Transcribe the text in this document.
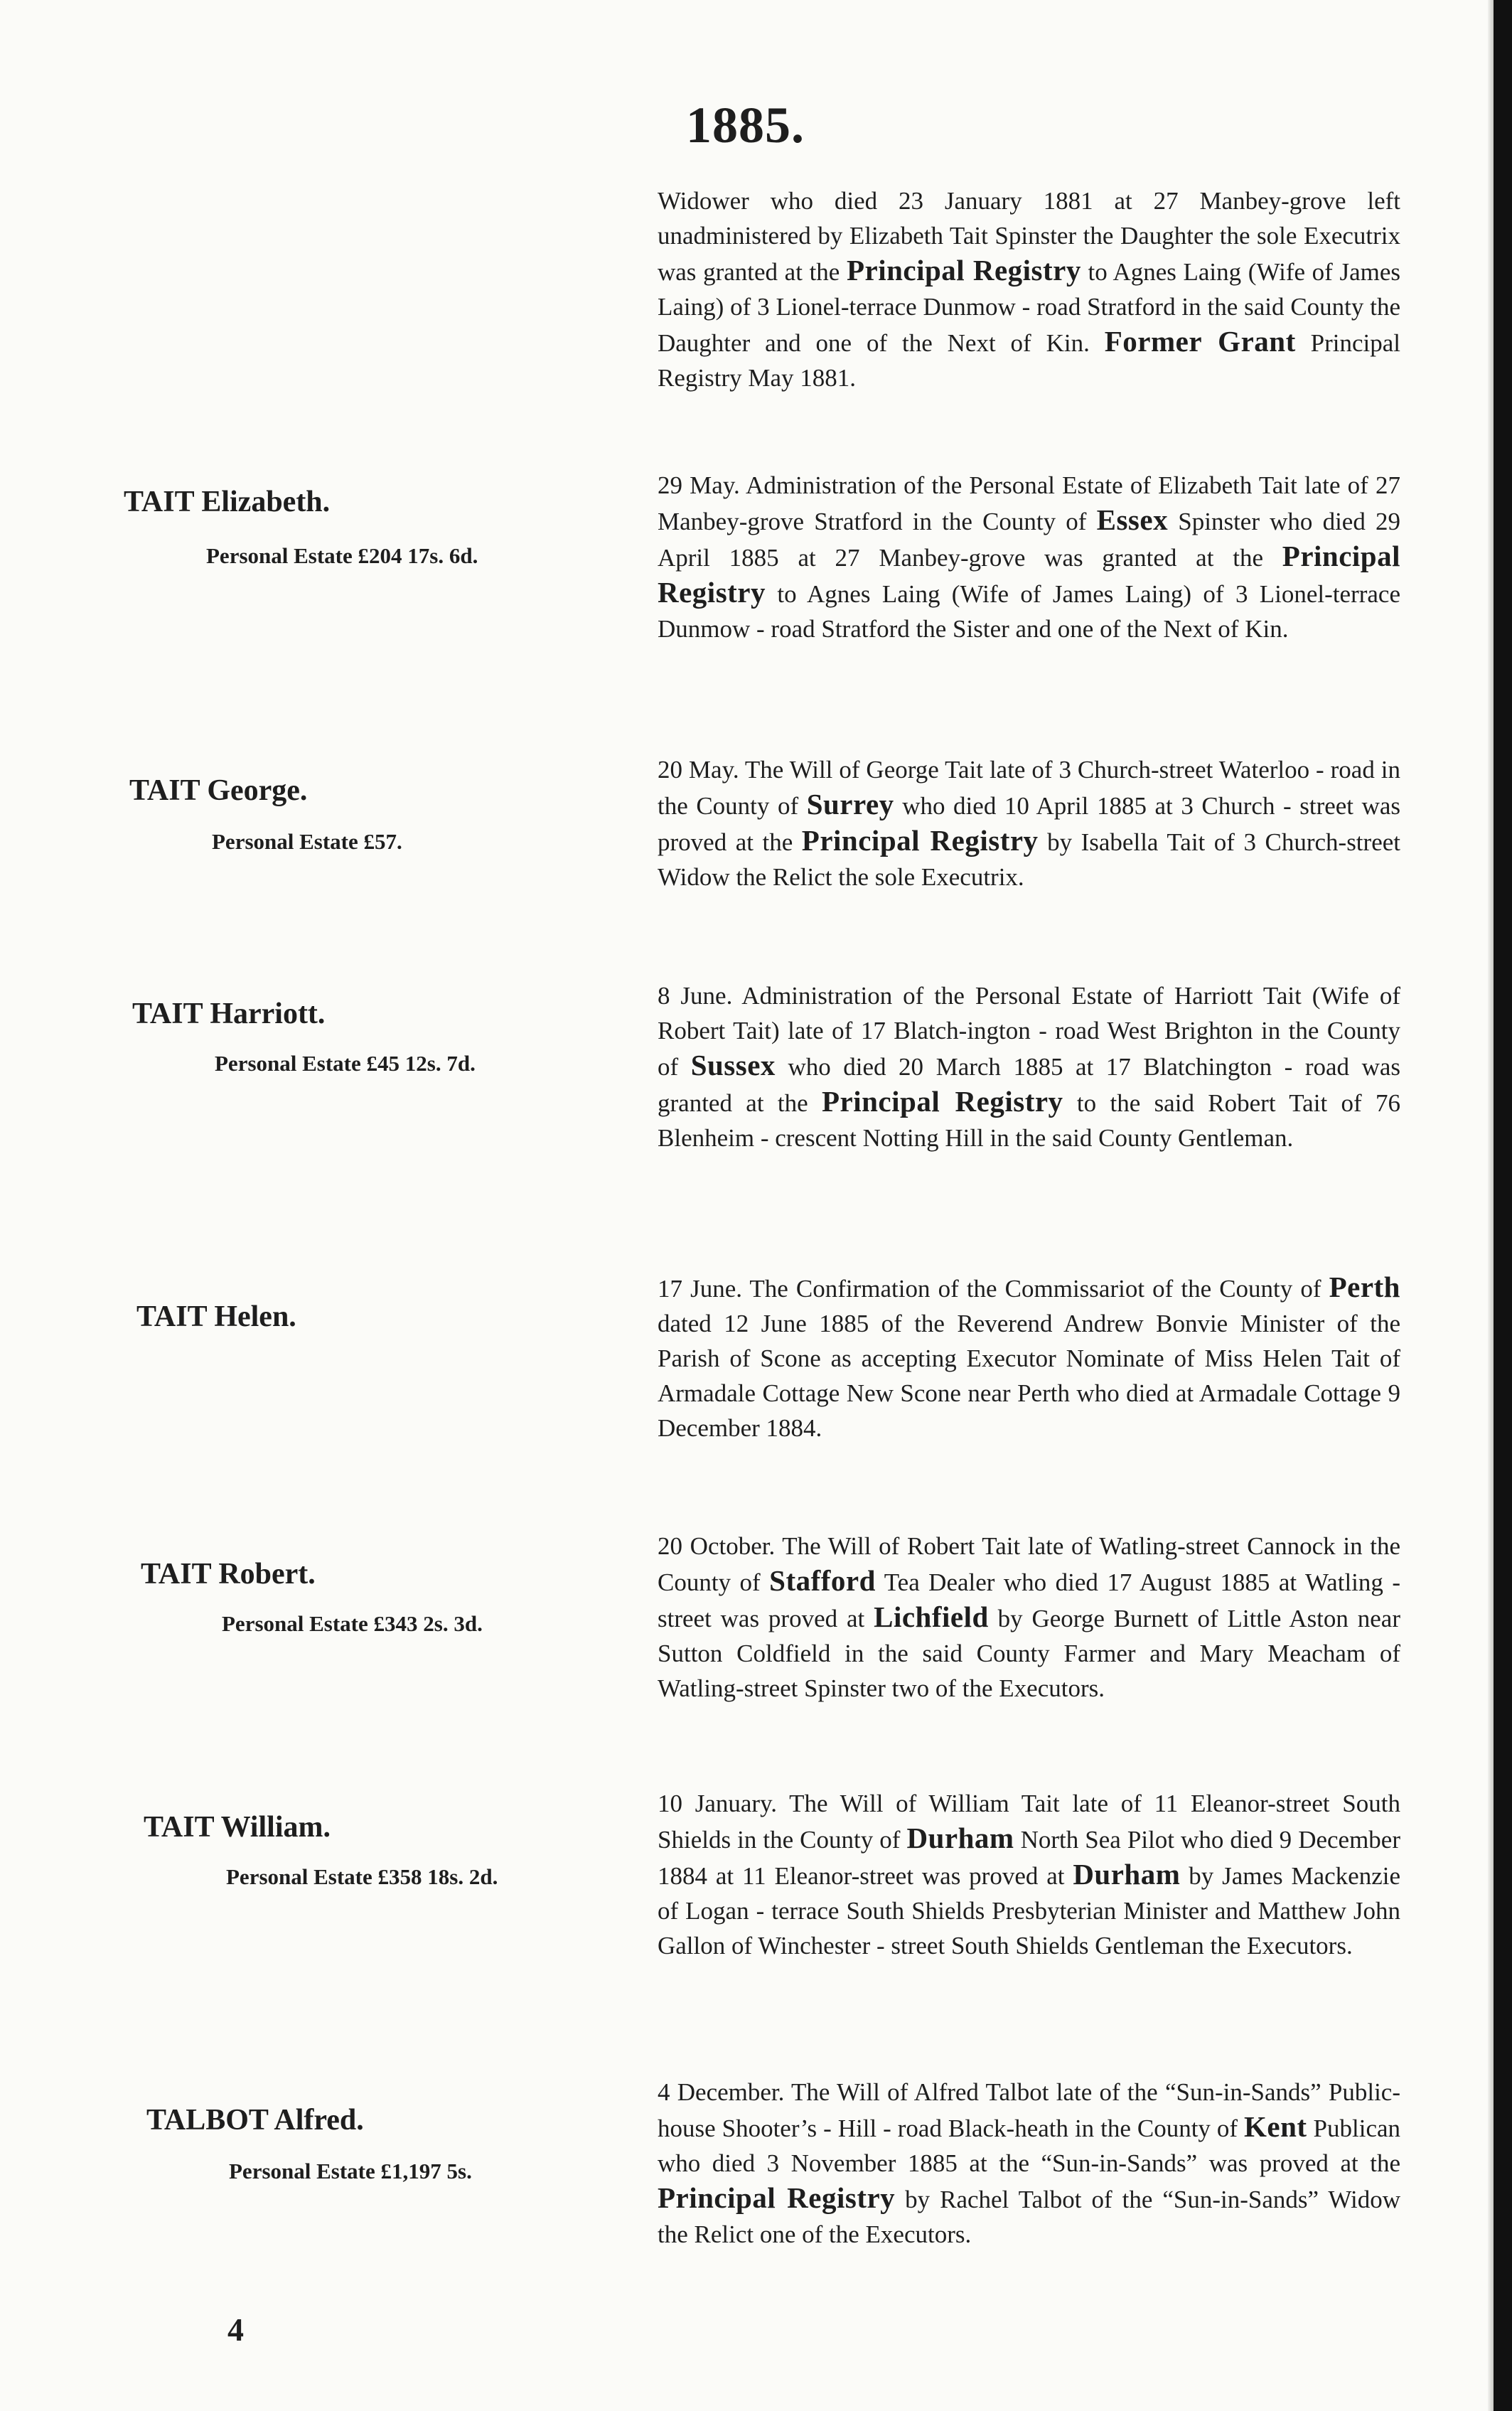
1885.
Widower who died 23 January 1881 at 27 Manbey-grove left unadministered by Elizabeth Tait Spinster the Daughter the sole Executrix was granted at the Principal Registry to Agnes Laing (Wife of James Laing) of 3 Lionel-terrace Dunmow - road Stratford in the said County the Daughter and one of the Next of Kin. Former Grant Principal Registry May 1881.
TAIT Elizabeth.
Personal Estate £204 17s. 6d.
29 May. Administration of the Personal Estate of Elizabeth Tait late of 27 Manbey-grove Stratford in the County of Essex Spinster who died 29 April 1885 at 27 Manbey-grove was granted at the Principal Registry to Agnes Laing (Wife of James Laing) of 3 Lionel-terrace Dunmow - road Stratford the Sister and one of the Next of Kin.
TAIT George.
Personal Estate £57.
20 May. The Will of George Tait late of 3 Church-street Waterloo - road in the County of Surrey who died 10 April 1885 at 3 Church - street was proved at the Principal Registry by Isabella Tait of 3 Church-street Widow the Relict the sole Executrix.
TAIT Harriott.
Personal Estate £45 12s. 7d.
8 June. Administration of the Personal Estate of Harriott Tait (Wife of Robert Tait) late of 17 Blatch-ington - road West Brighton in the County of Sussex who died 20 March 1885 at 17 Blatchington - road was granted at the Principal Registry to the said Robert Tait of 76 Blenheim - crescent Notting Hill in the said County Gentleman.
TAIT Helen.
17 June. The Confirmation of the Commissariot of the County of Perth dated 12 June 1885 of the Reverend Andrew Bonvie Minister of the Parish of Scone as accepting Executor Nominate of Miss Helen Tait of Armadale Cottage New Scone near Perth who died at Armadale Cottage 9 December 1884.
TAIT Robert.
Personal Estate £343 2s. 3d.
20 October. The Will of Robert Tait late of Watling-street Cannock in the County of Stafford Tea Dealer who died 17 August 1885 at Watling - street was proved at Lichfield by George Burnett of Little Aston near Sutton Coldfield in the said County Farmer and Mary Meacham of Watling-street Spinster two of the Executors.
TAIT William.
Personal Estate £358 18s. 2d.
10 January. The Will of William Tait late of 11 Eleanor-street South Shields in the County of Durham North Sea Pilot who died 9 December 1884 at 11 Eleanor-street was proved at Durham by James Mackenzie of Logan - terrace South Shields Presbyterian Minister and Matthew John Gallon of Winchester - street South Shields Gentleman the Executors.
TALBOT Alfred.
Personal Estate £1,197 5s.
4 December. The Will of Alfred Talbot late of the “Sun-in-Sands” Public-house Shooter’s - Hill - road Black-heath in the County of Kent Publican who died 3 November 1885 at the “Sun-in-Sands” was proved at the Principal Registry by Rachel Talbot of the “Sun-in-Sands” Widow the Relict one of the Executors.
4
